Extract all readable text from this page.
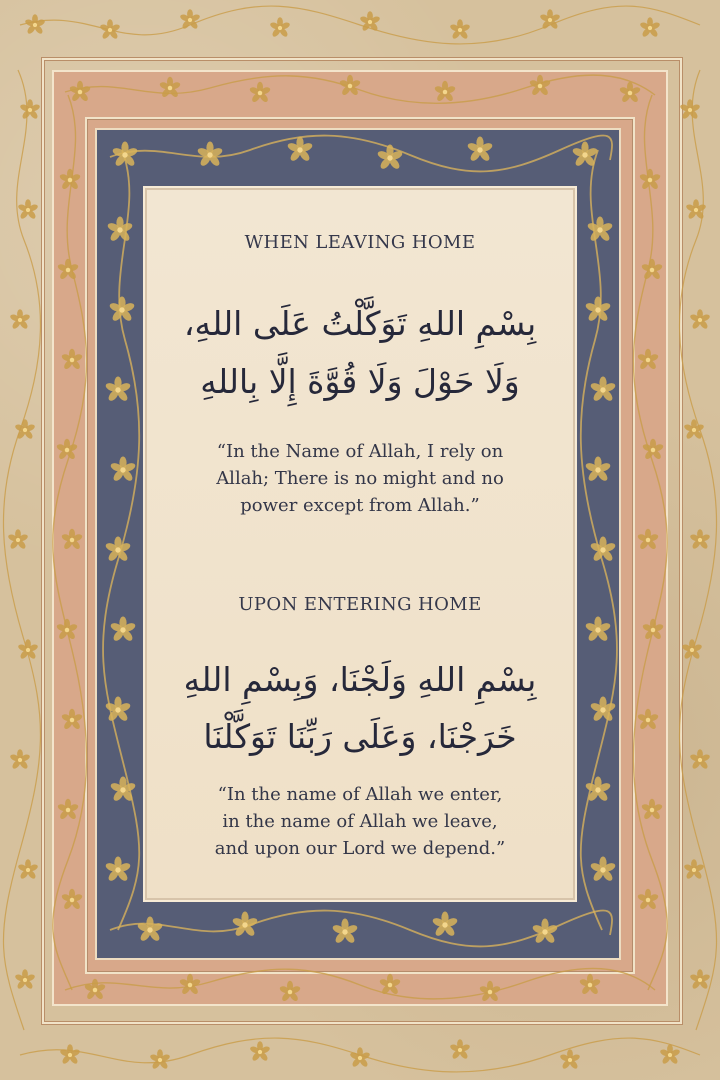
WHEN LEAVING HOME
بِسْمِ اللهِ تَوَكَّلْتُ عَلَى اللهِ،
وَلَا حَوْلَ وَلَا قُوَّةَ إِلَّا بِاللهِ
“In the Name of Allah, I rely on
Allah; There is no might and no
power except from Allah.”
UPON ENTERING HOME
بِسْمِ اللهِ وَلَجْنَا، وَبِسْمِ اللهِ
خَرَجْنَا، وَعَلَى رَبِّنَا تَوَكَّلْنَا
“In the name of Allah we enter,
in the name of Allah we leave,
and upon our Lord we depend.”
